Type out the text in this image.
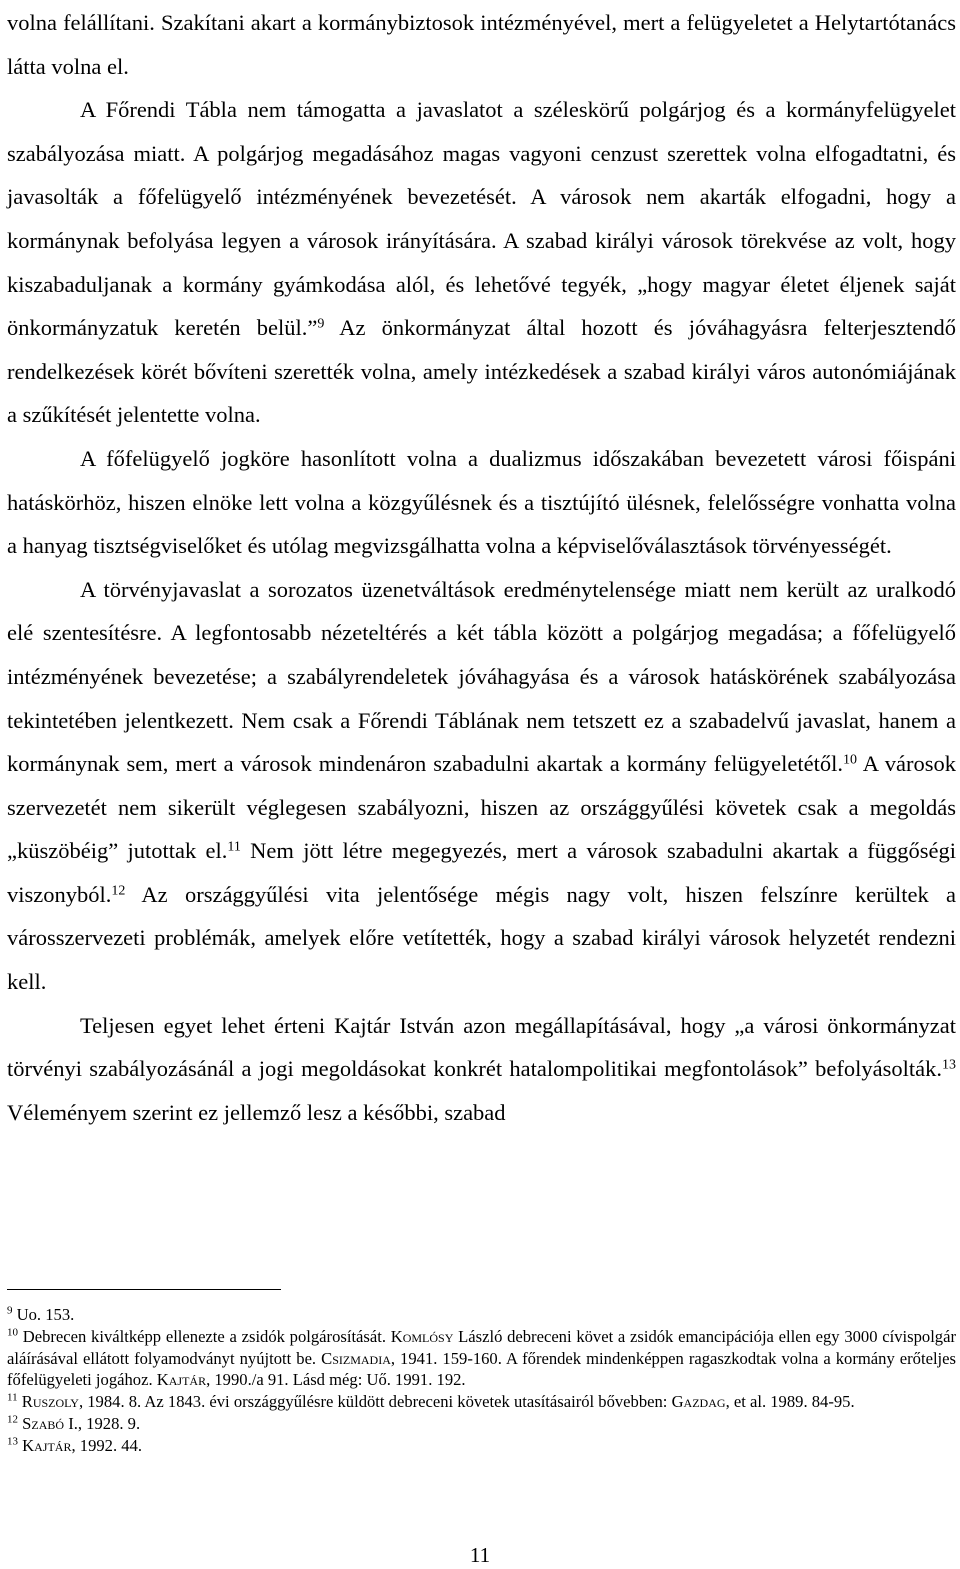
volna felállítani. Szakítani akart a kormánybiztosok intézményével, mert a felügyeletet a Helytartótanács látta volna el.

A Főrendi Tábla nem támogatta a javaslatot a széleskörű polgárjog és a kormányfelügyelet szabályozása miatt. A polgárjog megadásához magas vagyoni cenzust szerettek volna elfogadtatni, és javasolták a főfelügyelő intézményének bevezetését. A városok nem akarták elfogadni, hogy a kormánynak befolyása legyen a városok irányítására. A szabad királyi városok törekvése az volt, hogy kiszabaduljanak a kormány gyámkodása alól, és lehetővé tegyék, „hogy magyar életet éljenek saját önkormányzatuk keretén belül.”$^9$ Az önkormányzat által hozott és jóváhagyásra felterjesztendő rendelkezések körét bővíteni szerették volna, amely intézkedések a szabad királyi város autonómiájának a szűkítését jelentette volna.

A főfelügyelő jogköre hasonlított volna a dualizmus időszakában bevezetett városi főispáni hatáskörhöz, hiszen elnöke lett volna a közgyűlésnek és a tisztújító ülésnek, felelősségre vonhatta volna a hanyag tisztségviselőket és utólag megvizsgálhatta volna a képviselőválasztások törvényességét.

A törvényjavaslat a sorozatos üzenetváltások eredménytelensége miatt nem került az uralkodó elé szentesítésre. A legfontosabb nézeteltérés a két tábla között a polgárjog megadása; a főfelügyelő intézményének bevezetése; a szabályrendeletek jóváhagyása és a városok hatáskörének szabályozása tekintetében jelentkezett. Nem csak a Főrendi Táblának nem tetszett ez a szabadelvű javaslat, hanem a kormánynak sem, mert a városok mindenáron szabadulni akartak a kormány felügyeletétől.$^{10}$ A városok szervezetét nem sikerült véglegesen szabályozni, hiszen az országgyűlési követek csak a megoldás „küszöbéig” jutottak el.$^{11}$ Nem jött létre megegyezés, mert a városok szabadulni akartak a függőségi viszonyból.$^{12}$ Az országgyűlési vita jelentősége mégis nagy volt, hiszen felszínre kerültek a városszervezeti problémák, amelyek előre vetítették, hogy a szabad királyi városok helyzetét rendezni kell.

Teljesen egyet lehet érteni Kajtár István azon megállapításával, hogy „a városi önkormányzat törvényi szabályozásánál a jogi megoldásokat konkrét hatalompolitikai megfontolások” befolyásolták.$^{13}$ Véleményem szerint ez jellemző lesz a későbbi, szabad

$^9$ Uo. 153.

$^{10}$ Debrecen kiváltképp ellenezte a zsidók polgárosítását. Komlósy László debreceni követ a zsidók emancipációja ellen egy 3000 cívispolgár aláírásával ellátott folyamodványt nyújtott be. Csizmadia, 1941. 159-160. A főrendek mindenképpen ragaszkodtak volna a kormány erőteljes főfelügyeleti jogához. Kajtár, 1990./a 91. Lásd még: Uő. 1991. 192.

$^{11}$ Ruszoly, 1984. 8. Az 1843. évi országgyűlésre küldött debreceni követek utasításairól bővebben: Gazdag, et al. 1989. 84-95.

$^{12}$ Szabó I., 1928. 9.

$^{13}$ Kajtár, 1992. 44.

11
